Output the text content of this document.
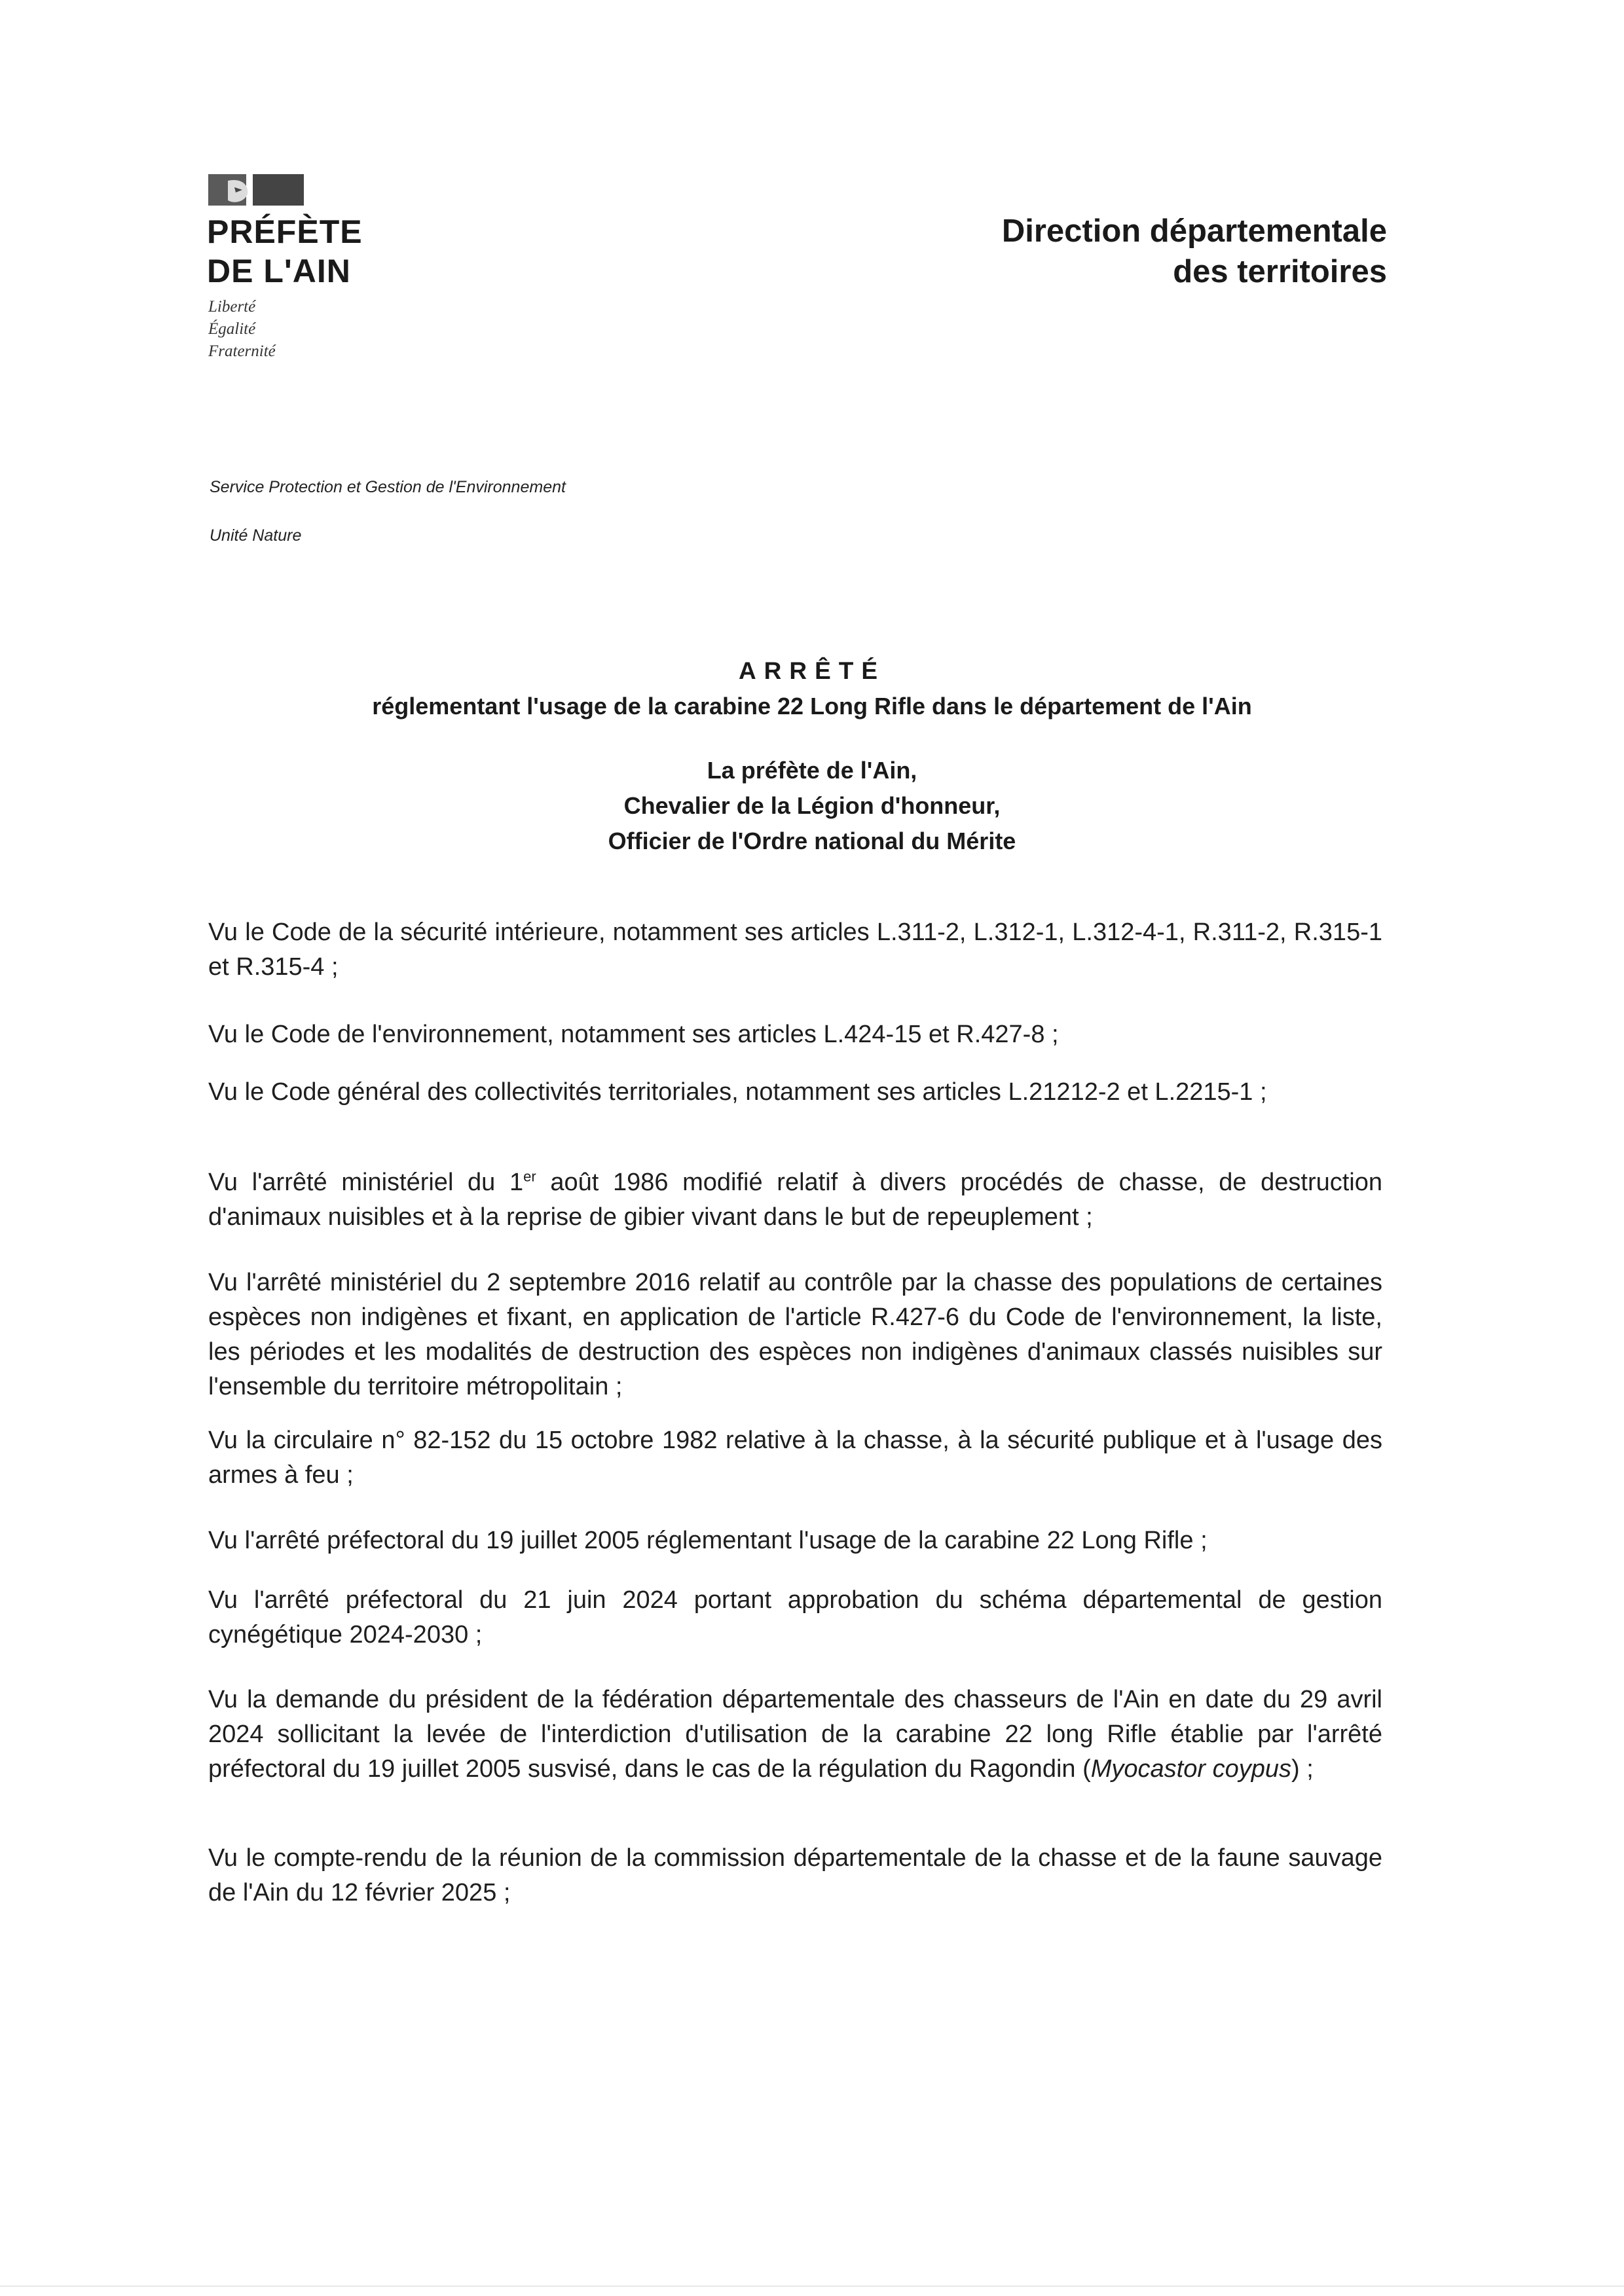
PRÉFÈTE
DE L'AIN
Liberté
Égalité
Fraternité
Direction départementale
des territoires
Service Protection et Gestion de l'Environnement
Unité Nature
ARRÊTÉ
réglementant l'usage de la carabine 22 Long Rifle dans le département de l'Ain
La préfète de l'Ain,
Chevalier de la Légion d'honneur,
Officier de l'Ordre national du Mérite
Vu le Code de la sécurité intérieure, notamment ses articles L.311-2, L.312-1, L.312-4-1, R.311-2, R.315-1 et R.315-4 ;
Vu le Code de l'environnement, notamment ses articles L.424-15 et R.427-8 ;
Vu le Code général des collectivités territoriales, notamment ses articles L.21212-2 et L.2215-1 ;
Vu l'arrêté ministériel du 1er août 1986 modifié relatif à divers procédés de chasse, de destruction d'animaux nuisibles et à la reprise de gibier vivant dans le but de repeuplement ;
Vu l'arrêté ministériel du 2 septembre 2016 relatif au contrôle par la chasse des populations de certaines espèces non indigènes et fixant, en application de l'article R.427-6 du Code de l'environnement, la liste, les périodes et les modalités de destruction des espèces non indigènes d'animaux classés nuisibles sur l'ensemble du territoire métropolitain ;
Vu la circulaire n° 82-152 du 15 octobre 1982 relative à la chasse, à la sécurité publique et à l'usage des armes à feu ;
Vu l'arrêté préfectoral du 19 juillet 2005 réglementant l'usage de la carabine 22 Long Rifle ;
Vu l'arrêté préfectoral du 21 juin 2024 portant approbation du schéma départemental de gestion cynégétique 2024-2030 ;
Vu la demande du président de la fédération départementale des chasseurs de l'Ain en date du 29 avril 2024 sollicitant la levée de l'interdiction d'utilisation de la carabine 22 long Rifle établie par l'arrêté préfectoral du 19 juillet 2005 susvisé, dans le cas de la régulation du Ragondin (Myocastor coypus) ;
Vu le compte-rendu de la réunion de la commission départementale de la chasse et de la faune sauvage de l'Ain du 12 février 2025 ;
